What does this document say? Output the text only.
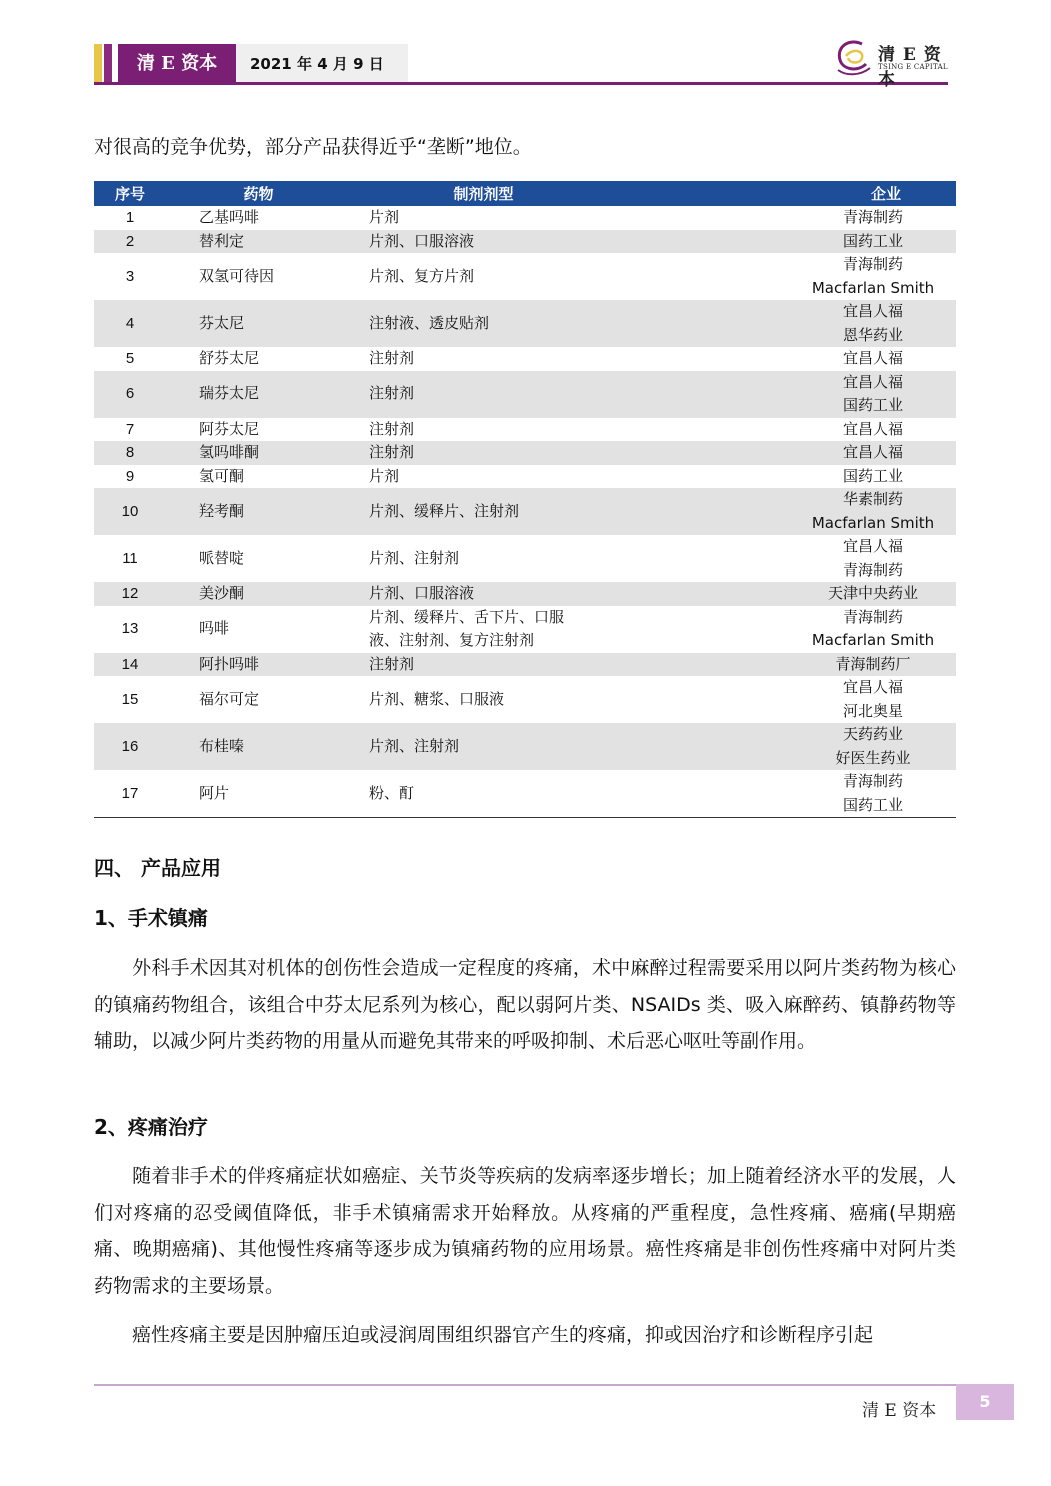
清 E 资本	2021 年 4 月 9 日	清 E 资本
TSING E CAPITAL
对很高的竞争优势，部分产品获得近乎“垄断”地位。
序号	药物	制剂剂型	企业
1	乙基吗啡	片剂	青海制药

2	替利定	片剂、口服溶液	国药工业

3	双氢可待因	片剂、复方片剂	青海制药
Macfarlan Smith

4	芬太尼	注射液、透皮贴剂	宜昌人福
恩华药业

5	舒芬太尼	注射剂	宜昌人福

6	瑞芬太尼	注射剂	宜昌人福
国药工业

7	阿芬太尼	注射剂	宜昌人福

8	氢吗啡酮	注射剂	宜昌人福

9	氢可酮	片剂	国药工业

10	羟考酮	片剂、缓释片、注射剂	华素制药
Macfarlan Smith

11	哌替啶	片剂、注射剂	宜昌人福
青海制药

12	美沙酮	片剂、口服溶液	天津中央药业

13	吗啡	片剂、缓释片、舌下片、口服
液、注射剂、复方注射剂	青海制药
Macfarlan Smith

14	阿扑吗啡	注射剂	青海制药厂

15	福尔可定	片剂、糖浆、口服液	宜昌人福
河北奥星

16	布桂嗪	片剂、注射剂	天药药业
好医生药业

17	阿片	粉、酊	青海制药
国药工业
四、 产品应用
1、手术镇痛
外科手术因其对机体的创伤性会造成一定程度的疼痛，术中麻醉过程需要采用以阿片类药物为核心的镇痛药物组合，该组合中芬太尼系列为核心，配以弱阿片类、NSAIDs 类、吸入麻醉药、镇静药物等辅助，以减少阿片类药物的用量从而避免其带来的呼吸抑制、术后恶心呕吐等副作用。
2、疼痛治疗
随着非手术的伴疼痛症状如癌症、关节炎等疾病的发病率逐步增长；加上随着经济水平的发展，人们对疼痛的忍受阈值降低，非手术镇痛需求开始释放。从疼痛的严重程度，急性疼痛、癌痛(早期癌痛、晚期癌痛)、其他慢性疼痛等逐步成为镇痛药物的应用场景。癌性疼痛是非创伤性疼痛中对阿片类药物需求的主要场景。
癌性疼痛主要是因肿瘤压迫或浸润周围组织器官产生的疼痛，抑或因治疗和诊断程序引起
清 E 资本	5
